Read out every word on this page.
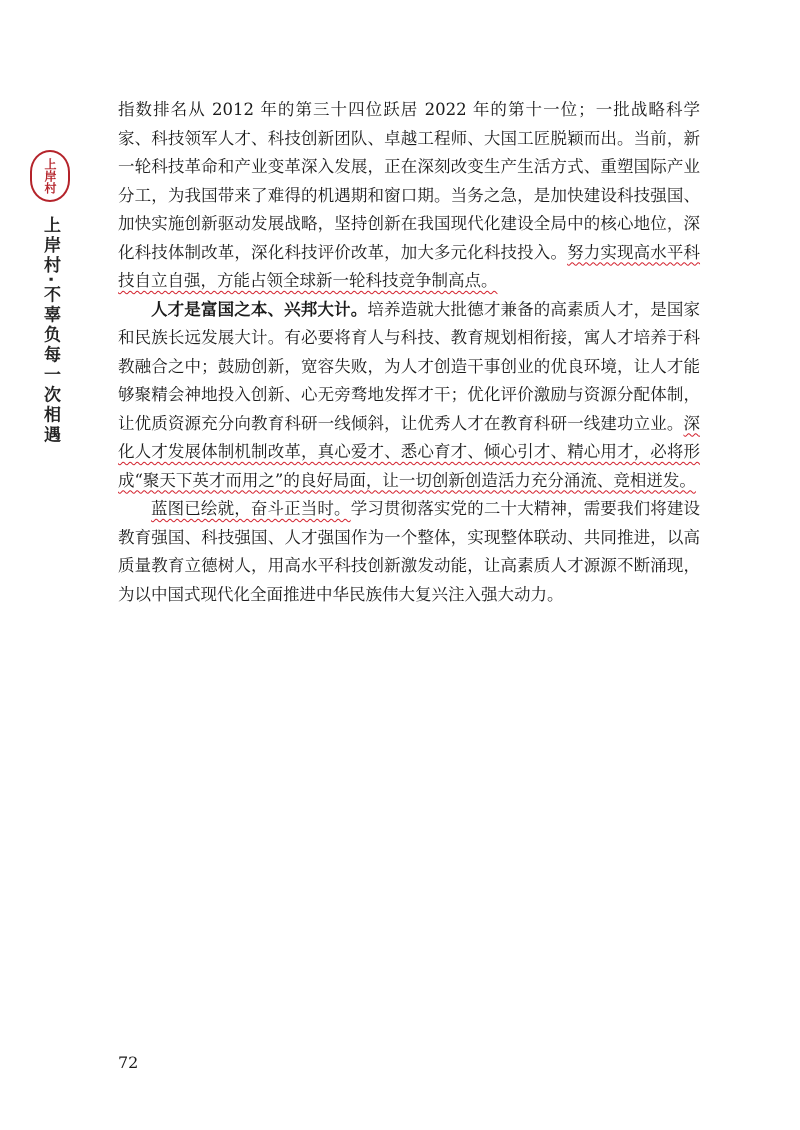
上岸村
上岸村·不辜负每一次相遇

指数排名从 2012 年的第三十四位跃居 2022 年的第十一位；一批战略科学家、科技领军人才、科技创新团队、卓越工程师、大国工匠脱颖而出。当前，新一轮科技革命和产业变革深入发展，正在深刻改变生产生活方式、重塑国际产业分工，为我国带来了难得的机遇期和窗口期。当务之急，是加快建设科技强国、加快实施创新驱动发展战略，坚持创新在我国现代化建设全局中的核心地位，深化科技体制改革，深化科技评价改革，加大多元化科技投入。努力实现高水平科技自立自强，方能占领全球新一轮科技竞争制高点。

人才是富国之本、兴邦大计。培养造就大批德才兼备的高素质人才，是国家和民族长远发展大计。有必要将育人与科技、教育规划相衔接，寓人才培养于科教融合之中；鼓励创新，宽容失败，为人才创造干事创业的优良环境，让人才能够聚精会神地投入创新、心无旁骛地发挥才干；优化评价激励与资源分配体制，让优质资源充分向教育科研一线倾斜，让优秀人才在教育科研一线建功立业。深化人才发展体制机制改革，真心爱才、悉心育才、倾心引才、精心用才，必将形成“聚天下英才而用之”的良好局面，让一切创新创造活力充分涌流、竞相迸发。

蓝图已绘就，奋斗正当时。学习贯彻落实党的二十大精神，需要我们将建设教育强国、科技强国、人才强国作为一个整体，实现整体联动、共同推进，以高质量教育立德树人，用高水平科技创新激发动能，让高素质人才源源不断涌现，为以中国式现代化全面推进中华民族伟大复兴注入强大动力。

72
